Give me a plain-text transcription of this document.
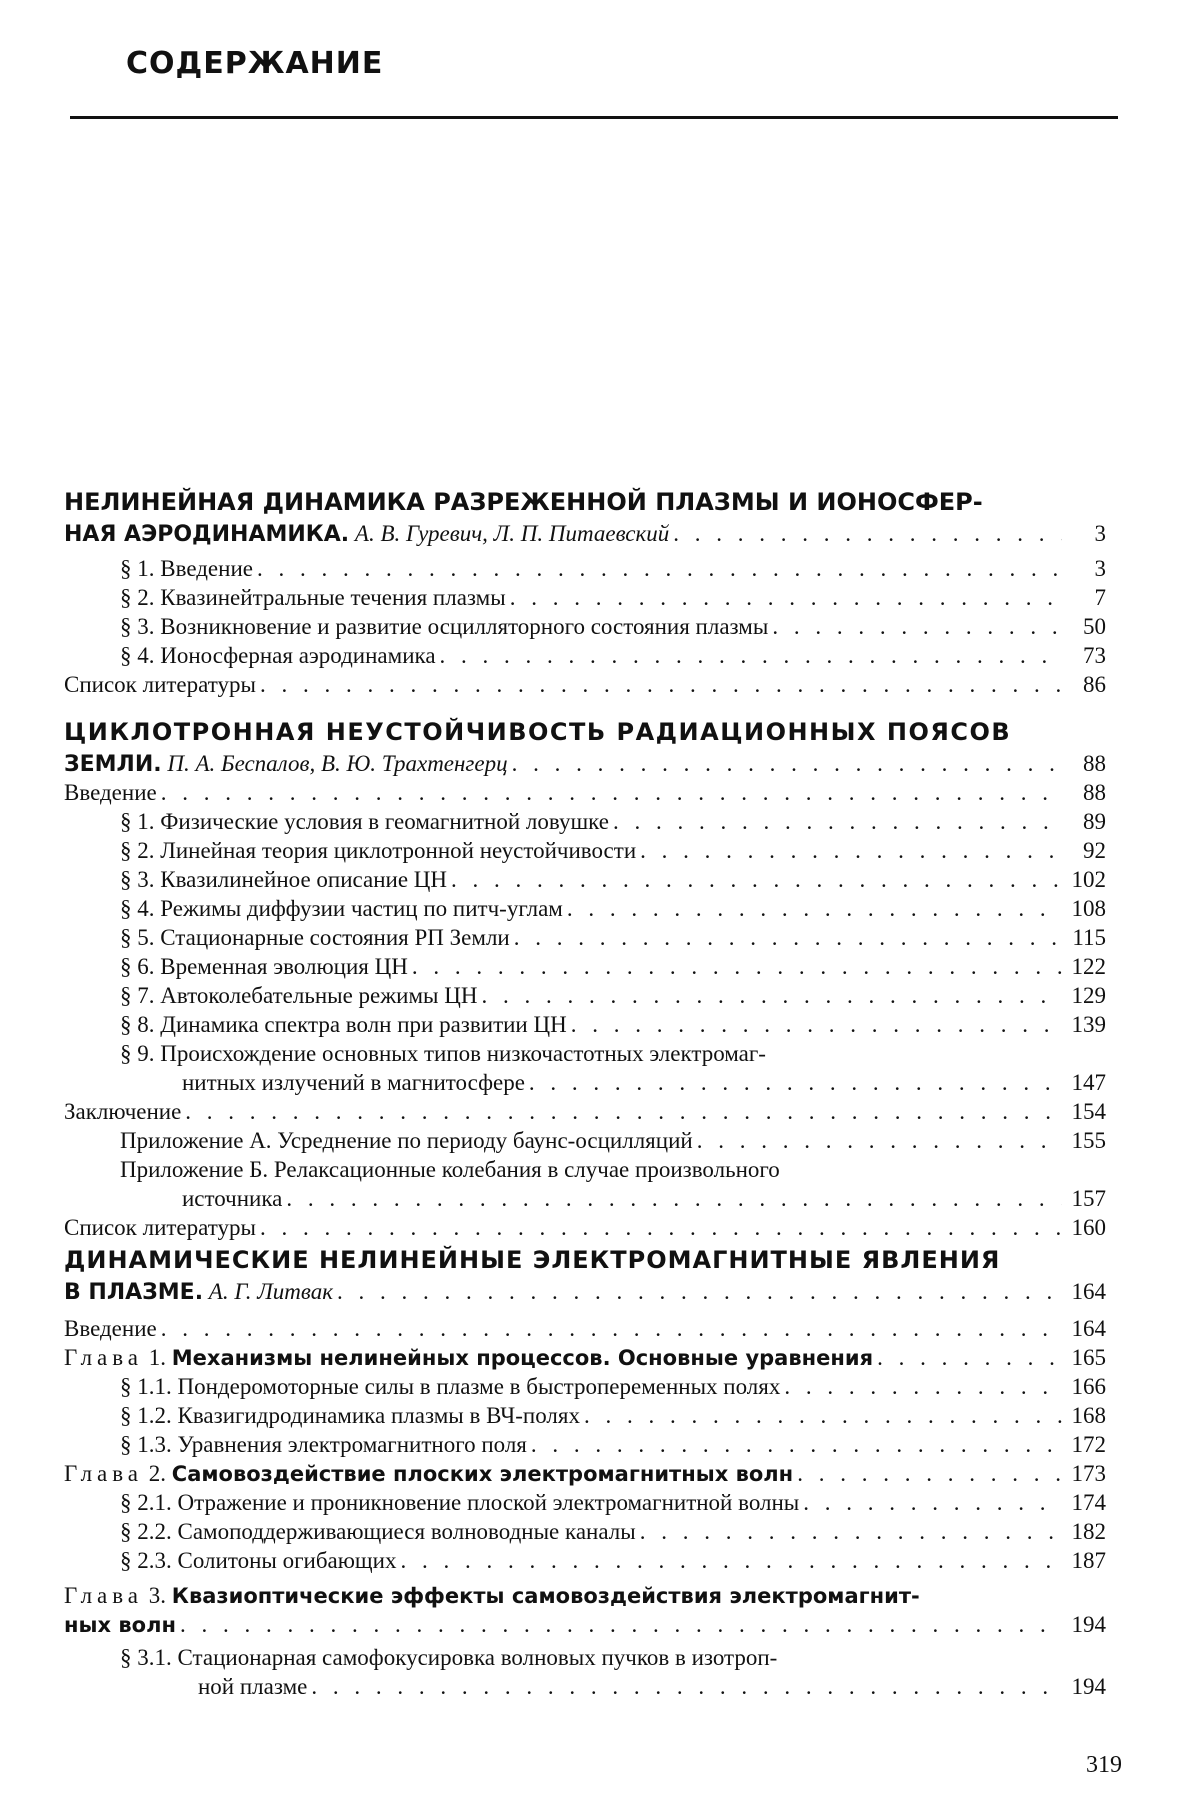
СОДЕРЖАНИЕ
НЕЛИНЕЙНАЯ ДИНАМИКА РАЗРЕЖЕННОЙ ПЛАЗМЫ И ИОНОСФЕР-
НАЯ АЭРОДИНАМИКА. А. В. Гуревич, Л. П. Питаевский . . .	3
§ 1. Введение . . .	3
§ 2. Квазинейтральные течения плазмы . . .	7
§ 3. Возникновение и развитие осцилляторного состояния плазмы . . .	50
§ 4. Ионосферная аэродинамика . . .	73
Список литературы . . .	86
ЦИКЛОТРОННАЯ НЕУСТОЙЧИВОСТЬ РАДИАЦИОННЫХ ПОЯСОВ
ЗЕМЛИ. П. А. Беспалов, В. Ю. Трахтенгерц . . .	88
Введение . . .	88
§ 1. Физические условия в геомагнитной ловушке . . .	89
§ 2. Линейная теория циклотронной неустойчивости . . .	92
§ 3. Квазилинейное описание ЦН . . .	102
§ 4. Режимы диффузии частиц по питч-углам . . .	108
§ 5. Стационарные состояния РП Земли . . .	115
§ 6. Временная эволюция ЦН . . .	122
§ 7. Автоколебательные режимы ЦН . . .	129
§ 8. Динамика спектра волн при развитии ЦН . . .	139
§ 9. Происхождение основных типов низкочастотных электромаг-
нитных излучений в магнитосфере . . .	147
Заключение . . .	154
Приложение А. Усреднение по периоду баунс-осцилляций . . .	155
Приложение Б. Релаксационные колебания в случае произвольного
источника . . .	157
Список литературы . . .	160
ДИНАМИЧЕСКИЕ НЕЛИНЕЙНЫЕ ЭЛЕКТРОМАГНИТНЫЕ ЯВЛЕНИЯ
В ПЛАЗМЕ. А. Г. Литвак . . .	164
Введение . . .	164
Глава 1. Механизмы нелинейных процессов. Основные уравнения . . .	165
§ 1.1. Пондеромоторные силы в плазме в быстропеременных полях . . .	166
§ 1.2. Квазигидродинамика плазмы в ВЧ-полях . . .	168
§ 1.3. Уравнения электромагнитного поля . . .	172
Глава 2. Самовоздействие плоских электромагнитных волн . . .	173
§ 2.1. Отражение и проникновение плоской электромагнитной волны . . .	174
§ 2.2. Самоподдерживающиеся волноводные каналы . . .	182
§ 2.3. Солитоны огибающих . . .	187
Глава 3. Квазиоптические эффекты самовоздействия электромагнит-
ных волн . . .	194
§ 3.1. Стационарная самофокусировка волновых пучков в изотроп-
ной плазме . . .	194
319
